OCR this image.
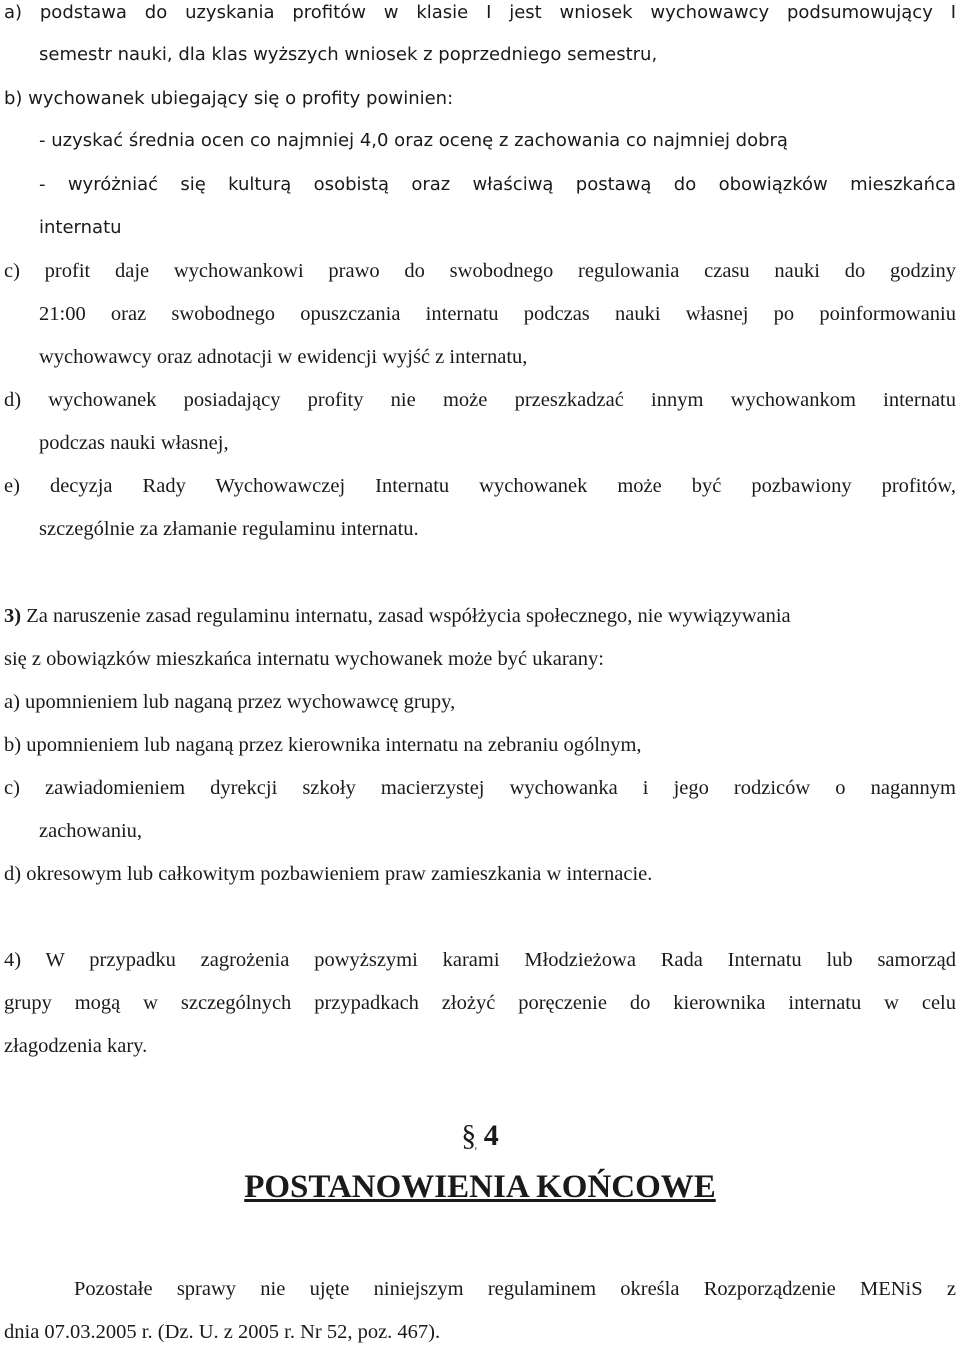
a) podstawa do uzyskania profitów w klasie I jest wniosek wychowawcy podsumowujący I
semestr nauki, dla klas wyższych wniosek z poprzedniego semestru,
b) wychowanek ubiegający się o profity powinien:
- uzyskać średnia ocen co najmniej 4,0 oraz ocenę z zachowania co najmniej dobrą
- wyróżniać się kulturą osobistą oraz właściwą postawą do obowiązków mieszkańca
internatu
c) profit daje wychowankowi prawo do swobodnego regulowania czasu nauki do godziny
21:00 oraz swobodnego opuszczania internatu podczas nauki własnej po poinformowaniu
wychowawcy oraz adnotacji w ewidencji wyjść z internatu,
d) wychowanek posiadający profity nie może przeszkadzać innym wychowankom internatu
podczas nauki własnej,
e) decyzja Rady Wychowawczej Internatu wychowanek może być pozbawiony profitów,
szczególnie za złamanie regulaminu internatu.
3) Za naruszenie zasad regulaminu internatu, zasad współżycia społecznego, nie wywiązywania
się z obowiązków mieszkańca internatu wychowanek może być ukarany:
a) upomnieniem lub naganą przez wychowawcę grupy,
b) upomnieniem lub naganą przez kierownika internatu na zebraniu ogólnym,
c) zawiadomieniem dyrekcji szkoły macierzystej wychowanka i jego rodziców o nagannym
zachowaniu,
d) okresowym lub całkowitym pozbawieniem praw zamieszkania w internacie.
4) W przypadku zagrożenia powyższymi karami Młodzieżowa Rada Internatu lub samorząd
grupy mogą w szczególnych przypadkach złożyć poręczenie do kierownika internatu w celu
złagodzenia kary.
§ 4
POSTANOWIENIA KOŃCOWE
Pozostałe sprawy nie ujęte niniejszym regulaminem określa Rozporządzenie MENiS z
dnia 07.03.2005 r. (Dz. U. z 2005 r. Nr 52, poz. 467).
